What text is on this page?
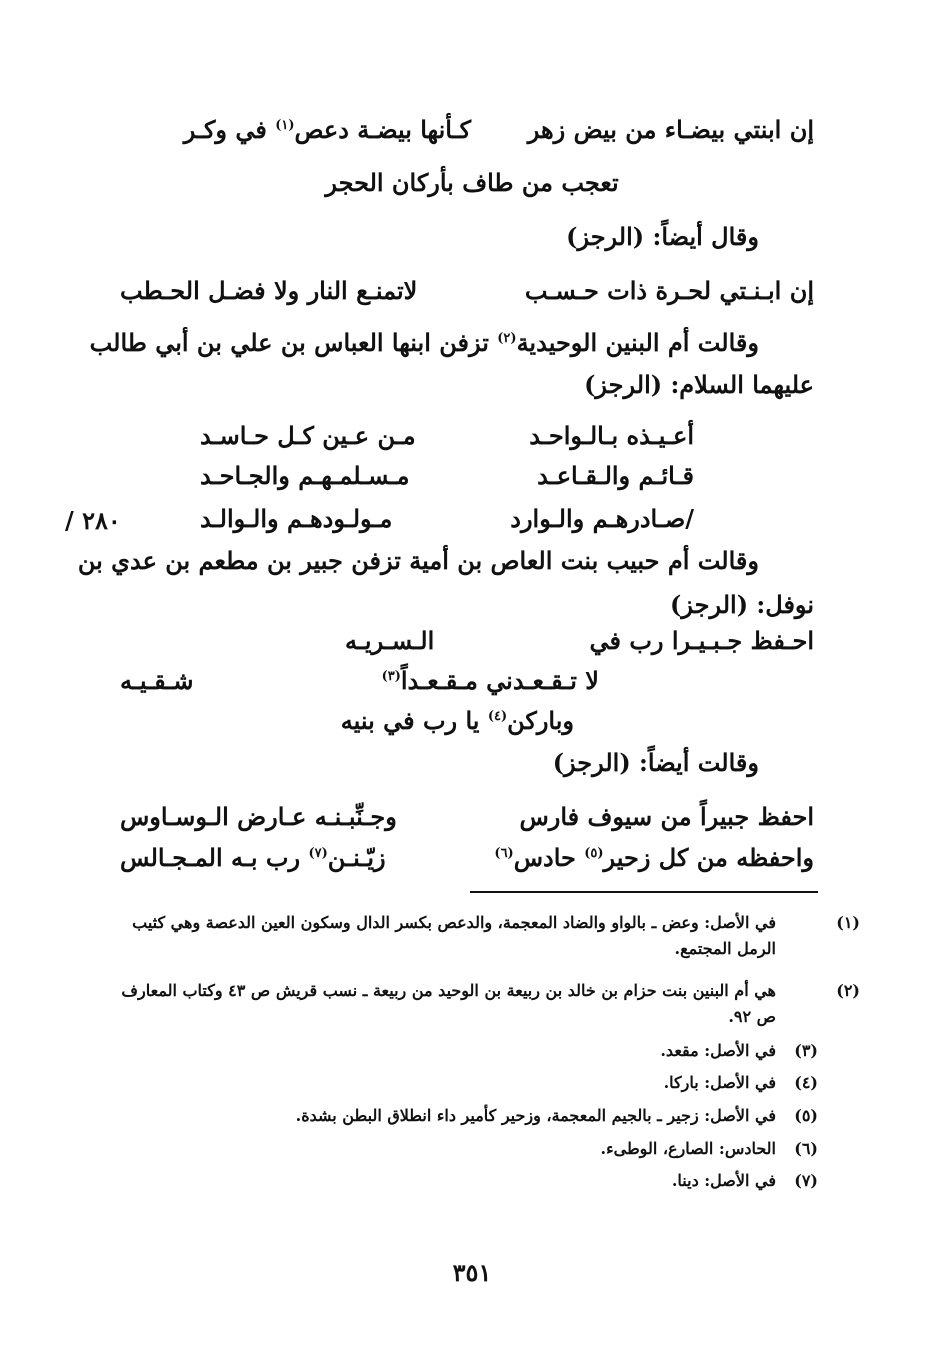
إن ابنتي بيضـاء من بيض زهر  كـأنها بيضـة دعص$^{(١)}$ في وكـر
تعجب من طاف بأركان الحجر
وقال أيضاً: (الرجز)
إن ابـنـتي لحـرة ذات حـسـب
لاتمنـع النار ولا فضـل الحـطب
وقالت أم البنين الوحيدية$^{(٢)}$ تزفن ابنها العباس بن علي بن أبي طالب
عليهما السلام: (الرجز)
أعـيـذه بـالـواحـد
مـن عـين كـل حـاسـد
قـائـم والـقـاعـد
مـسـلمـهـم والجـاحـد
/صـادرهـم والـوارد
مـولـودهـم والـوالـد
٢٨٠ /
وقالت أم حبيب بنت العاص بن أمية تزفن جبير بن مطعم بن عدي بن
نوفل: (الرجز)
احـفظ جـبـيـرا رب في
الـسـريـه
لا تـقـعـدني مـقـعـداً$^{(٣)}$
شـقـيـه
وباركن$^{(٤)}$ يا رب في بنيه
وقالت أيضاً: (الرجز)
احفظ جبيراً من سيوف فارس
وجـنِّبـنـه عـارض الـوسـاوس
واحفظه من كل زحير$^{(٥)}$ حادس$^{(٦)}$
زيّـنـن$^{(٧)}$ رب بـه المـجـالس
(١)في الأصل: وعض ـ بالواو والضاد المعجمة، والدعص بكسر الدال وسكون العين الدعصة وهي كثيب الرمل المجتمع.
(٢)هي أم البنين بنت حزام بن خالد بن ربيعة بن الوحيد من ربيعة ـ نسب قريش ص ٤٣ وكتاب المعارف ص ٩٢.
(٣)في الأصل: مقعد.
(٤)في الأصل: باركا.
(٥)في الأصل: زجير ـ بالجيم المعجمة، وزحير كأمير داء انطلاق البطن بشدة.
(٦)الحادس: الصارع، الوطىء.
(٧)في الأصل: دينا.
٣٥١
